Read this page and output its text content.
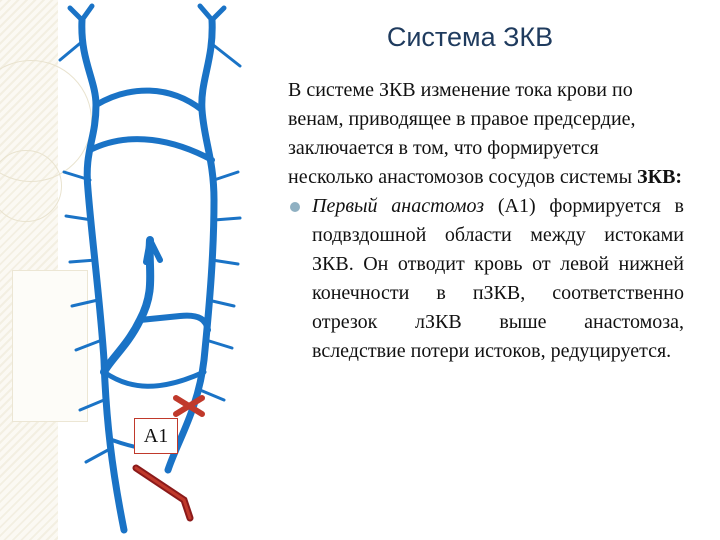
А1
Система ЗКВ

В системе ЗКВ изменение тока крови по венам, приводящее в правое предсердие, заключается в том, что формируется несколько анастомозов сосудов системы ЗКВ:

Первый анастомоз (А1) формируется в подвздошной области между истоками ЗКВ. Он отводит кровь от левой нижней конечности в пЗКВ, соответственно отрезок лЗКВ выше анастомоза, вследствие потери истоков, редуцируется.
